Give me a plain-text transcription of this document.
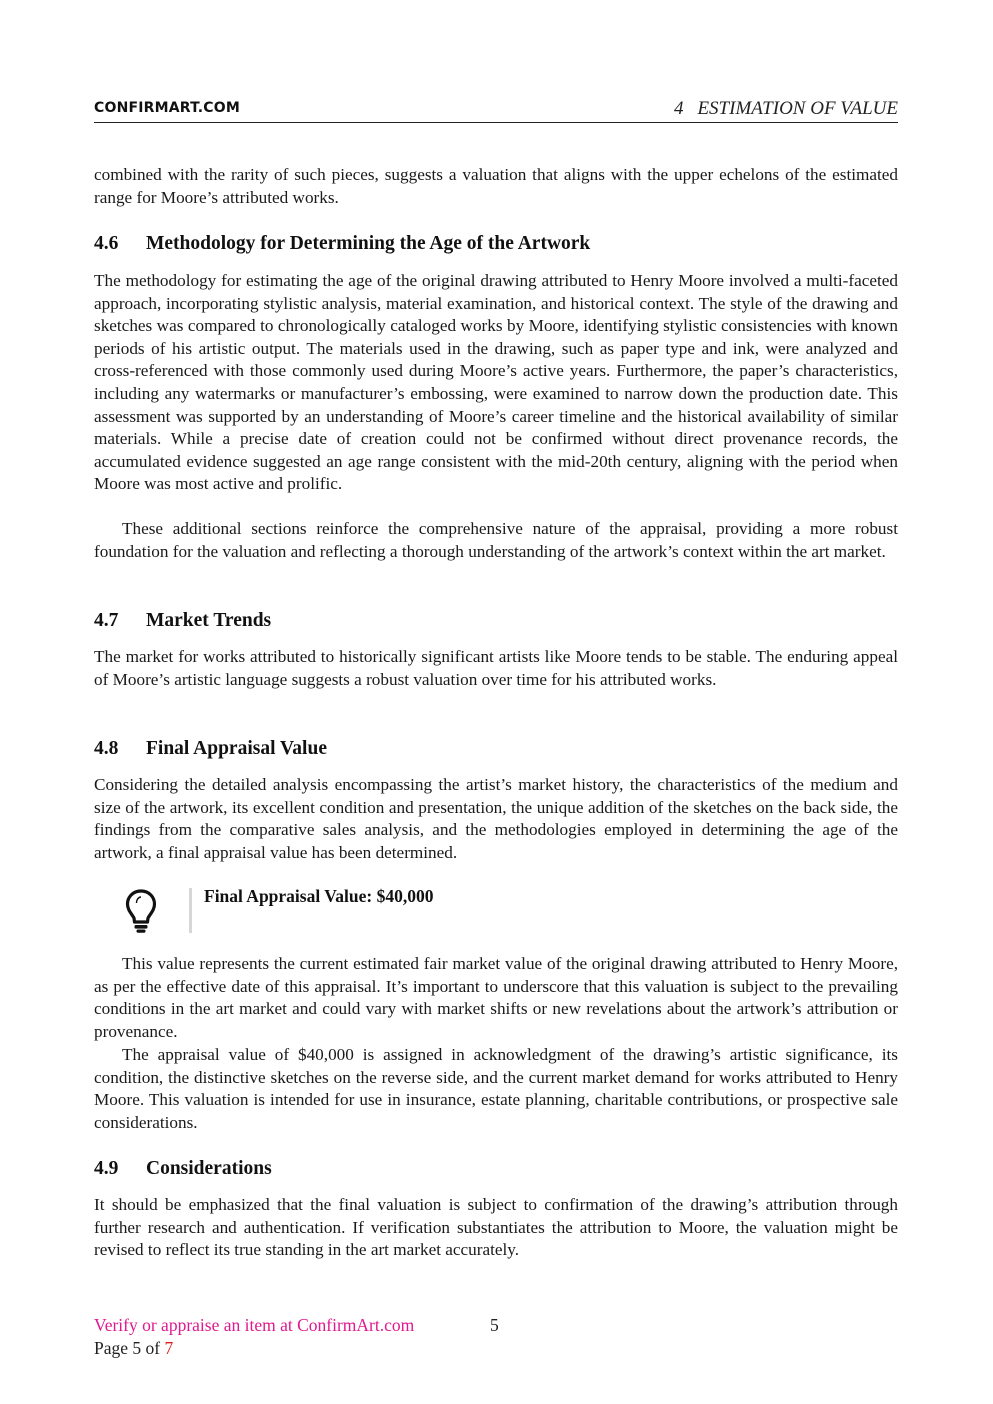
CONFIRMART.COM	4 ESTIMATION OF VALUE

combined with the rarity of such pieces, suggests a valuation that aligns with the upper echelons of the estimated range for Moore’s attributed works.

4.6 Methodology for Determining the Age of the Artwork

The methodology for estimating the age of the original drawing attributed to Henry Moore involved a multi-faceted approach, incorporating stylistic analysis, material examination, and historical context. The style of the drawing and sketches was compared to chronologically cataloged works by Moore, identifying stylistic consistencies with known periods of his artistic output. The materials used in the drawing, such as paper type and ink, were analyzed and cross-referenced with those commonly used during Moore’s active years. Furthermore, the paper’s characteristics, including any watermarks or manufacturer’s embossing, were examined to narrow down the production date. This assessment was supported by an understanding of Moore’s career timeline and the historical availability of similar materials. While a precise date of creation could not be confirmed without direct provenance records, the accumulated evidence suggested an age range consistent with the mid-20th century, aligning with the period when Moore was most active and prolific.

These additional sections reinforce the comprehensive nature of the appraisal, providing a more robust foundation for the valuation and reflecting a thorough understanding of the artwork’s context within the art market.

4.7 Market Trends

The market for works attributed to historically significant artists like Moore tends to be stable. The enduring appeal of Moore’s artistic language suggests a robust valuation over time for his attributed works.

4.8 Final Appraisal Value

Considering the detailed analysis encompassing the artist’s market history, the characteristics of the medium and size of the artwork, its excellent condition and presentation, the unique addition of the sketches on the back side, the findings from the comparative sales analysis, and the methodologies employed in determining the age of the artwork, a final appraisal value has been determined.

Final Appraisal Value: $40,000

This value represents the current estimated fair market value of the original drawing attributed to Henry Moore, as per the effective date of this appraisal. It’s important to underscore that this valuation is subject to the prevailing conditions in the art market and could vary with market shifts or new revelations about the artwork’s attribution or provenance.

The appraisal value of $40,000 is assigned in acknowledgment of the drawing’s artistic significance, its condition, the distinctive sketches on the reverse side, and the current market demand for works attributed to Henry Moore. This valuation is intended for use in insurance, estate planning, charitable contributions, or prospective sale considerations.

4.9 Considerations

It should be emphasized that the final valuation is subject to confirmation of the drawing’s attribution through further research and authentication. If verification substantiates the attribution to Moore, the valuation might be revised to reflect its true standing in the art market accurately.

Verify or appraise an item at ConfirmArt.com	5
Page 5 of 7
